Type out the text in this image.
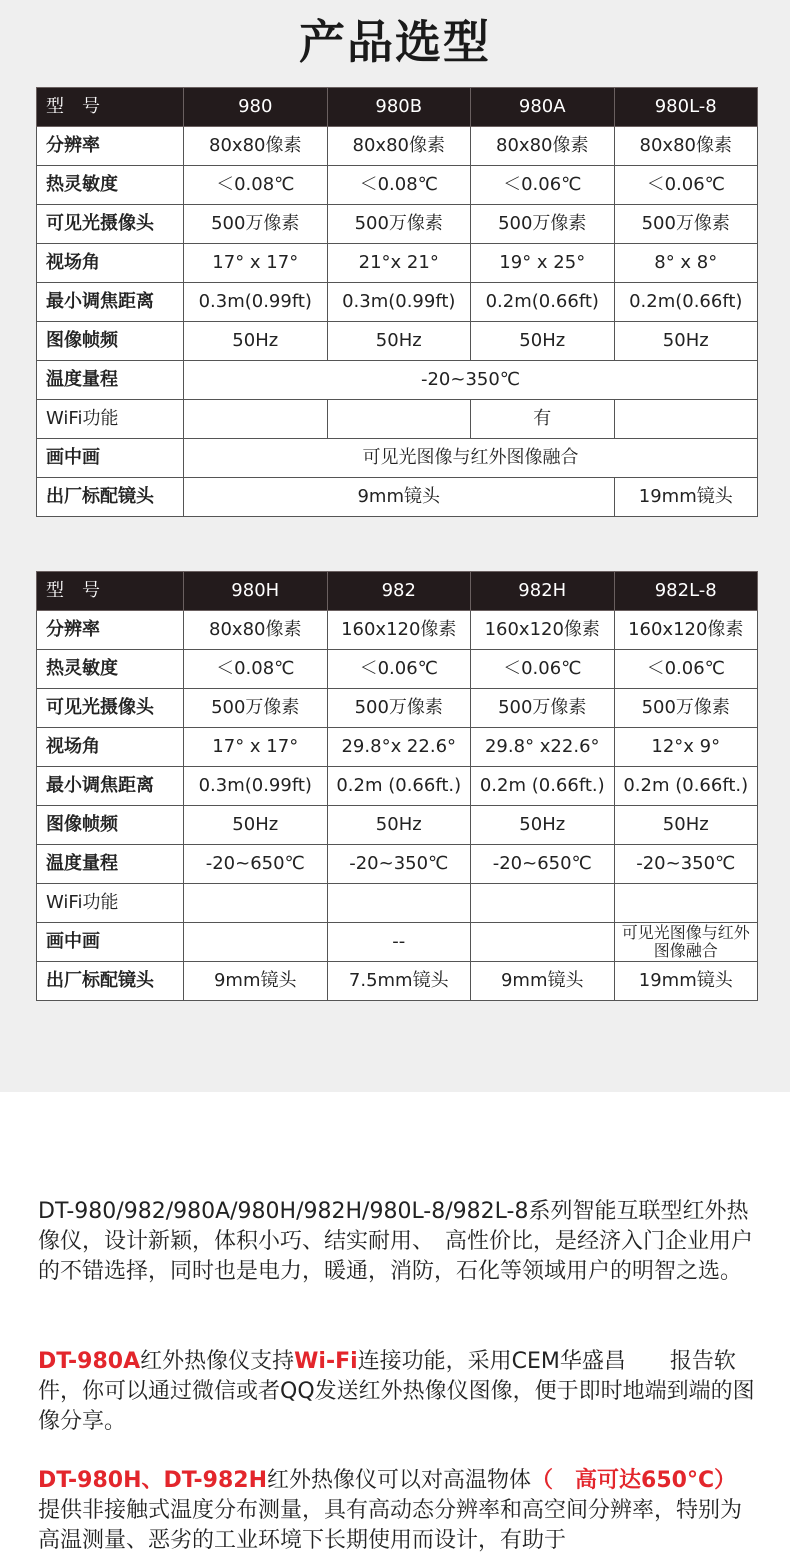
产品选型
型　号	980	980B	980A	980L-8
分辨率	80x80像素	80x80像素	80x80像素	80x80像素
热灵敏度	＜0.08℃	＜0.08℃	＜0.06℃	＜0.06℃
可见光摄像头	500万像素	500万像素	500万像素	500万像素
视场角	17° x 17°	21°x 21°	19° x 25°	8° x 8°
最小调焦距离	0.3m(0.99ft)	0.3m(0.99ft)	0.2m(0.66ft)	0.2m(0.66ft)
图像帧频	50Hz	50Hz	50Hz	50Hz
温度量程	-20~350℃			
WiFi功能			有	
画中画	可见光图像与红外图像融合			
出厂标配镜头	9mm镜头			19mm镜头
型　号	980H	982	982H	982L-8
分辨率	80x80像素	160x120像素	160x120像素	160x120像素
热灵敏度	＜0.08℃	＜0.06℃	＜0.06℃	＜0.06℃
可见光摄像头	500万像素	500万像素	500万像素	500万像素
视场角	17° x 17°	29.8°x 22.6°	29.8° x22.6°	12°x 9°
最小调焦距离	0.3m(0.99ft)	0.2m (0.66ft.)	0.2m (0.66ft.)	0.2m (0.66ft.)
图像帧频	50Hz	50Hz	50Hz	50Hz
温度量程	-20~650℃	-20~350℃	-20~650℃	-20~350℃
WiFi功能				
画中画		--		可见光图像与红外图像融合
出厂标配镜头	9mm镜头	7.5mm镜头	9mm镜头	19mm镜头

DT-980/982/980A/980H/982H/980L-8/982L-8系列智能互联型红外热像仪，设计新颖，体积小巧、结实耐用、　高性价比，是经济入门企业用户的不错选择，同时也是电力，暖通，消防，石化等领域用户的明智之选。

DT-980A红外热像仪支持Wi-Fi连接功能，采用CEM华盛昌　　报告软件，你可以通过微信或者QQ发送红外热像仪图像，便于即时地端到端的图像分享。

DT-980H、DT-982H红外热像仪可以对高温物体（　高可达650°C）提供非接触式温度分布测量，具有高动态分辨率和高空间分辨率，特别为高温测量、恶劣的工业环境下长期使用而设计，有助于
